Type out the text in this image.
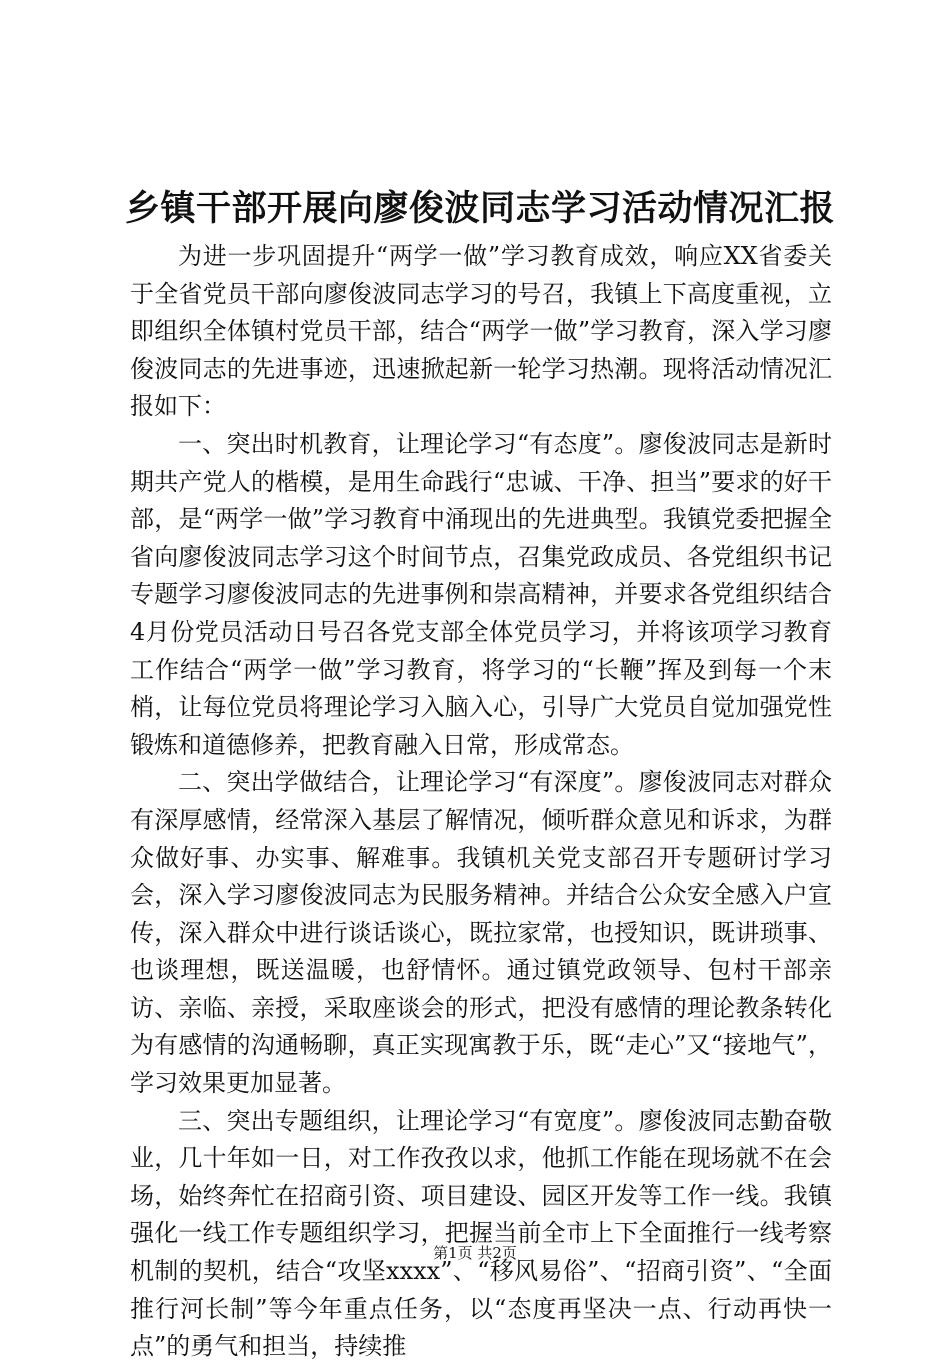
乡镇干部开展向廖俊波同志学习活动情况汇报

为进一步巩固提升“两学一做”学习教育成效，响应XX省委关于全省党员干部向廖俊波同志学习的号召，我镇上下高度重视，立即组织全体镇村党员干部，结合“两学一做”学习教育，深入学习廖俊波同志的先进事迹，迅速掀起新一轮学习热潮。现将活动情况汇报如下：

一、突出时机教育，让理论学习“有态度”。廖俊波同志是新时期共产党人的楷模，是用生命践行“忠诚、干净、担当”要求的好干部，是“两学一做”学习教育中涌现出的先进典型。我镇党委把握全省向廖俊波同志学习这个时间节点，召集党政成员、各党组织书记专题学习廖俊波同志的先进事例和崇高精神，并要求各党组织结合4月份党员活动日号召各党支部全体党员学习，并将该项学习教育工作结合“两学一做”学习教育，将学习的“长鞭”挥及到每一个末梢，让每位党员将理论学习入脑入心，引导广大党员自觉加强党性锻炼和道德修养，把教育融入日常，形成常态。

二、突出学做结合，让理论学习“有深度”。廖俊波同志对群众有深厚感情，经常深入基层了解情况，倾听群众意见和诉求，为群众做好事、办实事、解难事。我镇机关党支部召开专题研讨学习会，深入学习廖俊波同志为民服务精神。并结合公众安全感入户宣传，深入群众中进行谈话谈心，既拉家常，也授知识，既讲琐事、也谈理想，既送温暖，也舒情怀。通过镇党政领导、包村干部亲访、亲临、亲授，采取座谈会的形式，把没有感情的理论教条转化为有感情的沟通畅聊，真正实现寓教于乐，既“走心”又“接地气”，学习效果更加显著。

三、突出专题组织，让理论学习“有宽度”。廖俊波同志勤奋敬业，几十年如一日，对工作孜孜以求，他抓工作能在现场就不在会场，始终奔忙在招商引资、项目建设、园区开发等工作一线。我镇强化一线工作专题组织学习，把握当前全市上下全面推行一线考察机制的契机，结合“攻坚xxxx”、“移风易俗”、“招商引资”、“全面推行河长制”等今年重点任务，以“态度再坚决一点、行动再快一点”的勇气和担当，持续推

第1页 共2页
